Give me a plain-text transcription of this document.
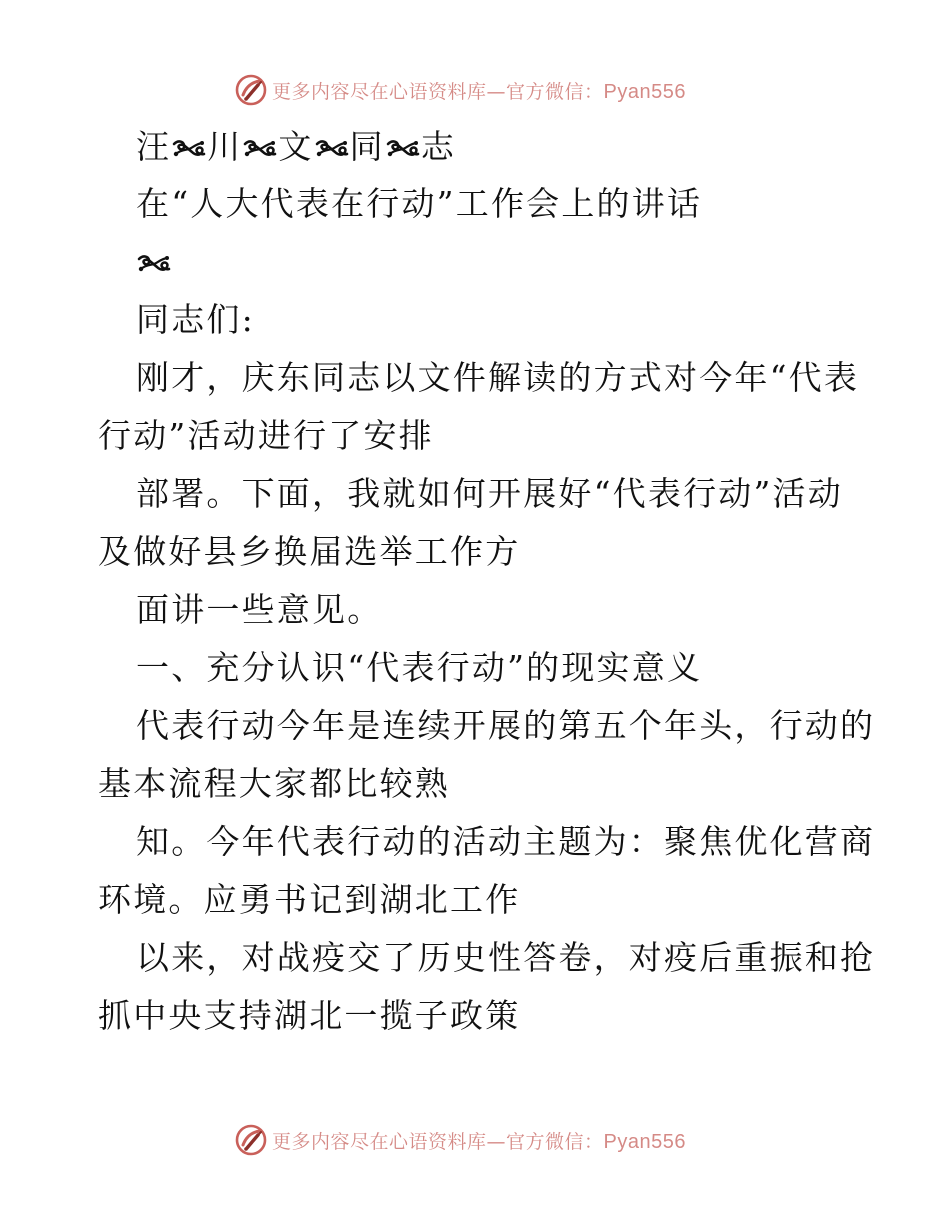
更多内容尽在心语资料库—官方微信：Pyan556
汪 川 文 同 志
在“人大代表在行动”工作会上的讲话
同志们:
刚才，庆东同志以文件解读的方式对今年“代表
行动”活动进行了安排
部署。下面，我就如何开展好“代表行动”活动
及做好县乡换届选举工作方
面讲一些意见。
一、充分认识“代表行动”的现实意义
代表行动今年是连续开展的第五个年头，行动的
基本流程大家都比较熟
知。今年代表行动的活动主题为：聚焦优化营商
环境。应勇书记到湖北工作
以来，对战疫交了历史性答卷，对疫后重振和抢
抓中央支持湖北一揽子政策
更多内容尽在心语资料库—官方微信：Pyan556
